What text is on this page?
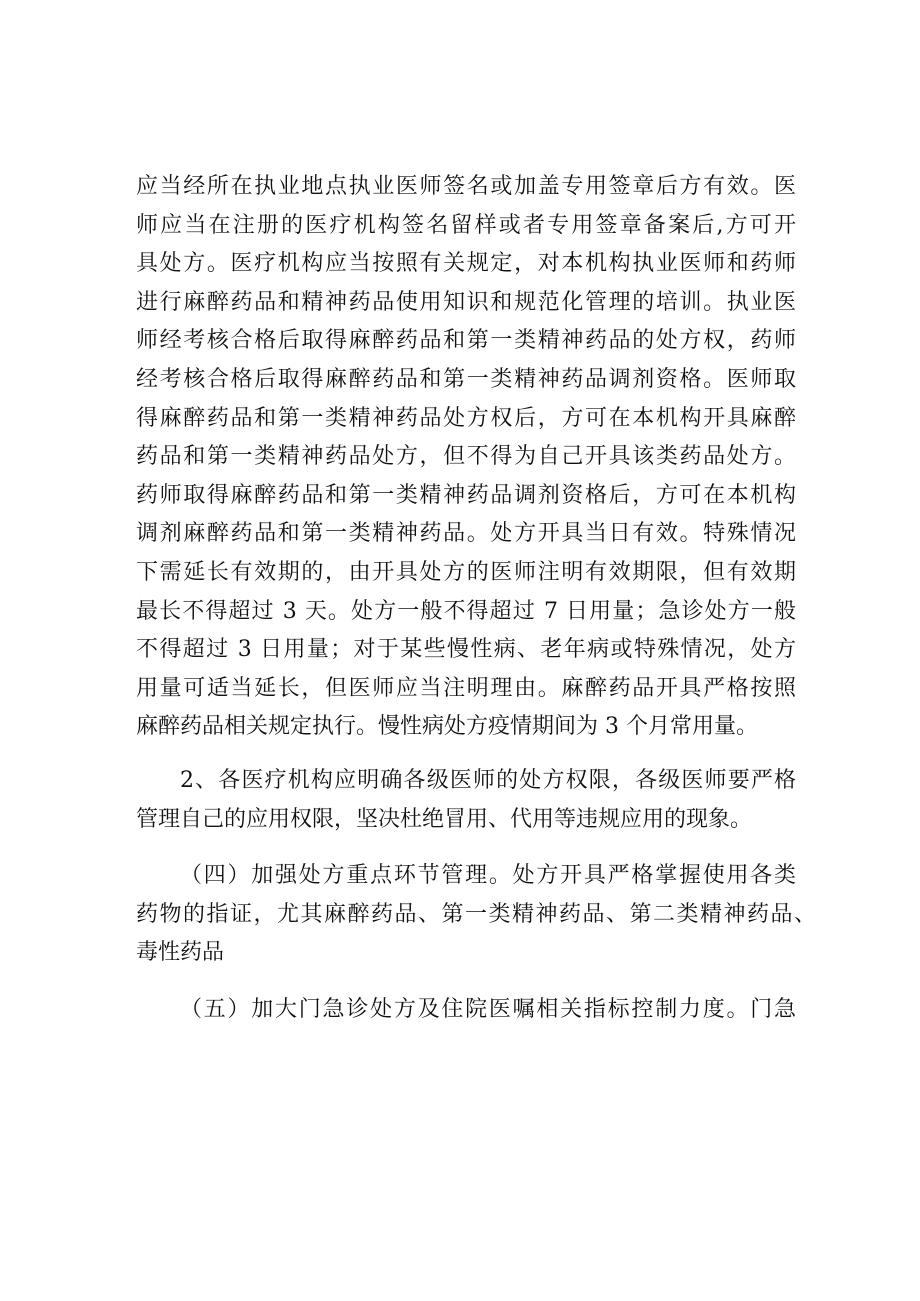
应当经所在执业地点执业医师签名或加盖专用签章后方有效。医
师应当在注册的医疗机构签名留样或者专用签章备案后,方可开
具处方。医疗机构应当按照有关规定，对本机构执业医师和药师
进行麻醉药品和精神药品使用知识和规范化管理的培训。执业医
师经考核合格后取得麻醉药品和第一类精神药品的处方权，药师
经考核合格后取得麻醉药品和第一类精神药品调剂资格。医师取
得麻醉药品和第一类精神药品处方权后，方可在本机构开具麻醉
药品和第一类精神药品处方，但不得为自己开具该类药品处方。
药师取得麻醉药品和第一类精神药品调剂资格后，方可在本机构
调剂麻醉药品和第一类精神药品。处方开具当日有效。特殊情况
下需延长有效期的，由开具处方的医师注明有效期限，但有效期
最长不得超过 3 天。处方一般不得超过 7 日用量；急诊处方一般
不得超过 3 日用量；对于某些慢性病、老年病或特殊情况，处方
用量可适当延长，但医师应当注明理由。麻醉药品开具严格按照
麻醉药品相关规定执行。慢性病处方疫情期间为 3 个月常用量。
2、各医疗机构应明确各级医师的处方权限，各级医师要严格
管理自己的应用权限，坚决杜绝冒用、代用等违规应用的现象。
（四）加强处方重点环节管理。处方开具严格掌握使用各类
药物的指证，尤其麻醉药品、第一类精神药品、第二类精神药品、
毒性药品
（五）加大门急诊处方及住院医嘱相关指标控制力度。门急
